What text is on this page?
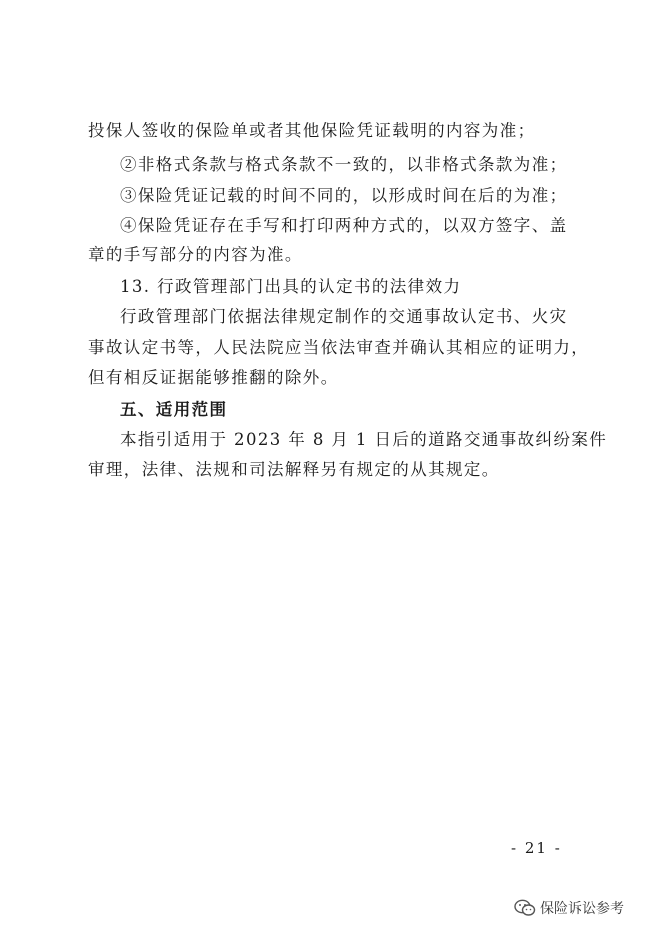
投保人签收的保险单或者其他保险凭证载明的内容为准；
②非格式条款与格式条款不一致的，以非格式条款为准；
③保险凭证记载的时间不同的，以形成时间在后的为准；
④保险凭证存在手写和打印两种方式的，以双方签字、盖
章的手写部分的内容为准。
13. 行政管理部门出具的认定书的法律效力
行政管理部门依据法律规定制作的交通事故认定书、火灾
事故认定书等，人民法院应当依法审查并确认其相应的证明力，
但有相反证据能够推翻的除外。
五、适用范围
本指引适用于 2023 年 8 月 1 日后的道路交通事故纠纷案件
审理，法律、法规和司法解释另有规定的从其规定。
- 21 -
保险诉讼参考
